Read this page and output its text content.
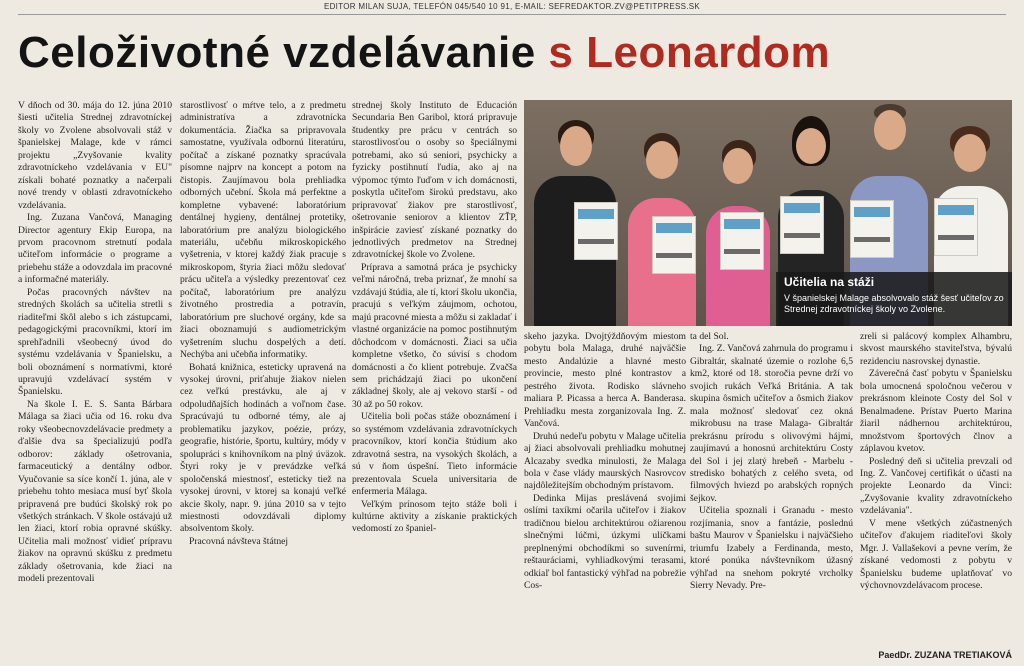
EDITOR MILAN SUJA, TELEFÓN 045/540 10 91, E-MAIL: SEFREDAKTOR.ZV@PETITPRESS.SK
Celoživotné vzdelávanie s Leonardom

V dňoch od 30. mája do 12. júna 2010 šiesti učitelia Strednej zdravotníckej školy vo Zvolene absolvovali stáž v španielskej Malage, kde v rámci projektu „Zvyšovanie kvality zdravotníckeho vzdelávania v EU" získali bohaté poznatky a načerpali nové trendy v oblasti zdravotníckeho vzdelávania.

Ing. Zuzana Vančová, Managing Director agentury Ekip Europa, na prvom pracovnom stretnutí podala učiteľom informácie o programe a priebehu stáže a odovzdala im pracovné a informačné materiály.

Počas pracovných návštev na stredných školách sa učitelia stretli s riaditeľmi škôl alebo s ich zástupcami, pedagogickými pracovníkmi, ktorí im sprehľadnili všeobecný úvod do systému vzdelávania v Španielsku, a boli oboznámení s normatívmi, ktoré upravujú vzdelávací systém v Španielsku.

Na škole I. E. S. Santa Bárbara Málaga sa žiaci učia od 16. roku dva roky všeobecnovzdelávacie predmety a ďalšie dva sa špecializujú podľa odborov: základy ošetrovania, farmaceutický a dentálny odbor. Vyučovanie sa síce končí 1. júna, ale v priebehu tohto mesiaca musí byť škola pripravená pre budúci školský rok po všetkých stránkach. V škole ostávajú už len žiaci, ktorí robia opravné skúšky. Učitelia mali možnosť vidieť prípravu žiakov na opravnú skúšku z predmetu základy ošetrovania, kde žiaci na modeli prezentovali

starostlivosť o mŕtve telo, a z predmetu administratíva a zdravotnícka dokumentácia. Žiačka sa pripravovala samostatne, využívala odbornú literatúru, počítač a získané poznatky spracúvala písomne najprv na koncept a potom na čistopis. Zaujímavou bola prehliadka odborných učební. Škola má perfektne a kompletne vybavené: laboratórium dentálnej hygieny, dentálnej protetiky, laboratórium pre analýzu biologického materiálu, učebňu mikroskopického vyšetrenia, v ktorej každý žiak pracuje s mikroskopom, štyria žiaci môžu sledovať prácu učiteľa a výsledky prezentovať cez počítač, laboratórium pre analýzu životného prostredia a potravín, laboratórium pre sluchové orgány, kde sa žiaci oboznamujú s audiometrickým vyšetrením sluchu dospelých a detí. Nechýba ani učebňa informatiky.

Bohatá knižnica, esteticky upravená na vysokej úrovni, priťahuje žiakov nielen cez veľkú prestávku, ale aj v odpoludňajších hodinách a voľnom čase. Spracúvajú tu odborné témy, ale aj problematiku jazykov, poézie, prózy, geografie, histórie, športu, kultúry, módy v spolupráci s knihovníkom na plný úväzok. Štyri roky je v prevádzke veľká spoločenská miestnosť, esteticky tiež na vysokej úrovni, v ktorej sa konajú veľké akcie školy, napr. 9. júna 2010 sa v tejto miestnosti odovzdávali diplomy absolventom školy.

Pracovná návšteva štátnej

strednej školy Instituto de Educación Secundaria Ben Garibol, ktorá pripravuje študentky pre prácu v centrách so starostlivosťou o osoby so špeciálnymi potrebami, ako sú seniori, psychicky a fyzicky postihnutí ľudia, ako aj na výpomoc týmto ľuďom v ich domácnosti, poskytla učiteľom širokú predstavu, ako pripravovať žiakov pre starostlivosť, ošetrovanie seniorov a klientov ZŤP, inšpirácie zaviesť získané poznatky do jednotlivých predmetov na Strednej zdravotníckej škole vo Zvolene.

Príprava a samotná práca je psychicky veľmi náročná, treba priznať, že mnohí sa vzdávajú štúdia, ale tí, ktorí školu ukončia, pracujú s veľkým záujmom, ochotou, majú pracovné miesta a môžu si zakladať i vlastné organizácie na pomoc postihnutým dôchodcom v domácnosti. Žiaci sa učia kompletne všetko, čo súvisí s chodom domácnosti a čo klient potrebuje. Zvačša sem prichádzajú žiaci po ukončení základnej školy, ale aj vekovo starší - od 30 až po 50 rokov.

Učitelia boli počas stáže oboznámení i so systémom vzdelávania zdravotníckych pracovníkov, ktorí končia štúdium ako zdravotná sestra, na vysokých školách, a sú v ňom úspešní. Tieto informácie prezentovala Scuela universitaria de enfermeria Málaga.

Veľkým prínosom tejto stáže boli i kultúrne aktivity a získanie praktických vedomostí zo španiel-

skeho jazyka. Dvojtýždňovým miestom pobytu bola Malaga, druhé najväčšie mesto Andalúzie a hlavné mesto provincie, mesto plné kontrastov a pestrého života. Rodisko slávneho maliara P. Picassa a herca A. Banderasa. Prehliadku mesta zorganizovala Ing. Z. Vančová.

Druhú nedeľu pobytu v Malage učitelia aj žiaci absolvovali prehliadku mohutnej Alcazaby svedka minulosti, že Malaga bola v čase vlády maurských Nasrovcov najdôležitejším obchodným prístavom.

Dedinka Mijas preslávená svojimi oslími taxíkmi očarila učiteľov i žiakov tradičnou bielou architektúrou ožiarenou slnečnými lúčmi, úzkymi uličkami preplnenými obchodíkmi so suvenírmi, reštauráciami, vyhliadkovými terasami, odkiaľ bol fantastický výhľad na pobrežie Cos-

ta del Sol.

Ing. Z. Vančová zahrnula do programu i Gibraltár, skalnaté územie o rozlohe 6,5 km2, ktoré od 18. storočia pevne drží vo svojich rukách Veľká Británia. A tak skupina ôsmich učiteľov a ôsmich žiakov mala možnosť sledovať cez okná mikrobusu na trase Malaga- Gibraltár prekrásnu prírodu s olivovými hájmi, zaujímavú a honosnú architektúru Costy del Sol i jej zlatý hrebeň - Marbelu - stredisko bohatých z celého sveta, od filmových hviezd po arabských ropných šejkov.

Učitelia spoznali i Granadu - mesto rozjímania, snov a fantázie, poslednú baštu Maurov v Španielsku i najväčšieho triumfu Izabely a Ferdinanda, mesto, ktoré ponúka návštevníkom úžasný výhľad na snehom pokryté vrcholky Sierry Nevady. Pre-

zreli si palácový komplex Alhambru, skvost maurského staviteľstva, bývalú rezidenciu nasrovskej dynastie.

Záverečná časť pobytu v Španielsku bola umocnená spoločnou večerou v prekrásnom kleinote Costy del Sol v Benalmadene. Prístav Puerto Marina žiaril nádhernou architektúrou, množstvom športových člnov a záplavou kvetov.

Posledný deň si učitelia prevzali od Ing. Z. Vančovej certifikát o účasti na projekte Leonardo da Vinci: „Zvyšovanie kvality zdravotníckeho vzdelávania".

V mene všetkých zúčastnených učiteľov ďakujem riaditeľovi školy Mgr. J. Vallašekovi a pevne verím, že získané vedomosti z pobytu v Španielsku budeme uplatňovať vo výchovnovzdelávacom procese.

PaedDr. ZUZANA TRETIAKOVÁ
Učitelia na stáži
V španielskej Malage absolvovalo stáž šesť učiteľov zo Strednej zdravotníckej školy vo Zvolene.
